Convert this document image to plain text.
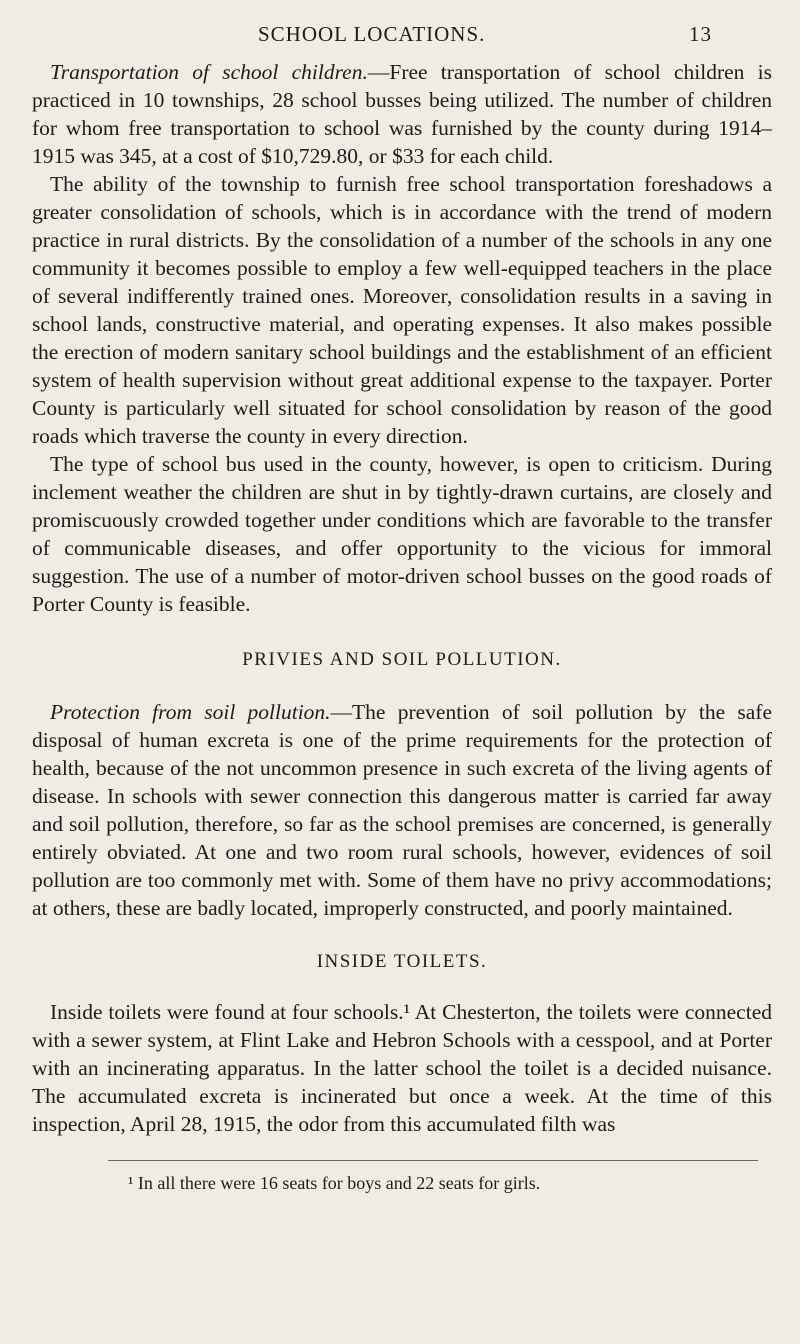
SCHOOL LOCATIONS.	13

Transportation of school children.—Free transportation of school children is practiced in 10 townships, 28 school busses being utilized. The number of children for whom free transportation to school was furnished by the county during 1914–1915 was 345, at a cost of $10,729.80, or $33 for each child.

The ability of the township to furnish free school transportation foreshadows a greater consolidation of schools, which is in accordance with the trend of modern practice in rural districts. By the consolidation of a number of the schools in any one community it becomes possible to employ a few well-equipped teachers in the place of several indifferently trained ones. Moreover, consolidation results in a saving in school lands, constructive material, and operating expenses. It also makes possible the erection of modern sanitary school buildings and the establishment of an efficient system of health supervision without great additional expense to the taxpayer. Porter County is particularly well situated for school consolidation by reason of the good roads which traverse the county in every direction.

The type of school bus used in the county, however, is open to criticism. During inclement weather the children are shut in by tightly-drawn curtains, are closely and promiscuously crowded together under conditions which are favorable to the transfer of communicable diseases, and offer opportunity to the vicious for immoral suggestion. The use of a number of motor-driven school busses on the good roads of Porter County is feasible.

PRIVIES AND SOIL POLLUTION.

Protection from soil pollution.—The prevention of soil pollution by the safe disposal of human excreta is one of the prime requirements for the protection of health, because of the not uncommon presence in such excreta of the living agents of disease. In schools with sewer connection this dangerous matter is carried far away and soil pollution, therefore, so far as the school premises are concerned, is generally entirely obviated. At one and two room rural schools, however, evidences of soil pollution are too commonly met with. Some of them have no privy accommodations; at others, these are badly located, improperly constructed, and poorly maintained.

INSIDE TOILETS.

Inside toilets were found at four schools.¹ At Chesterton, the toilets were connected with a sewer system, at Flint Lake and Hebron Schools with a cesspool, and at Porter with an incinerating apparatus. In the latter school the toilet is a decided nuisance. The accumulated excreta is incinerated but once a week. At the time of this inspection, April 28, 1915, the odor from this accumulated filth was

¹ In all there were 16 seats for boys and 22 seats for girls.
